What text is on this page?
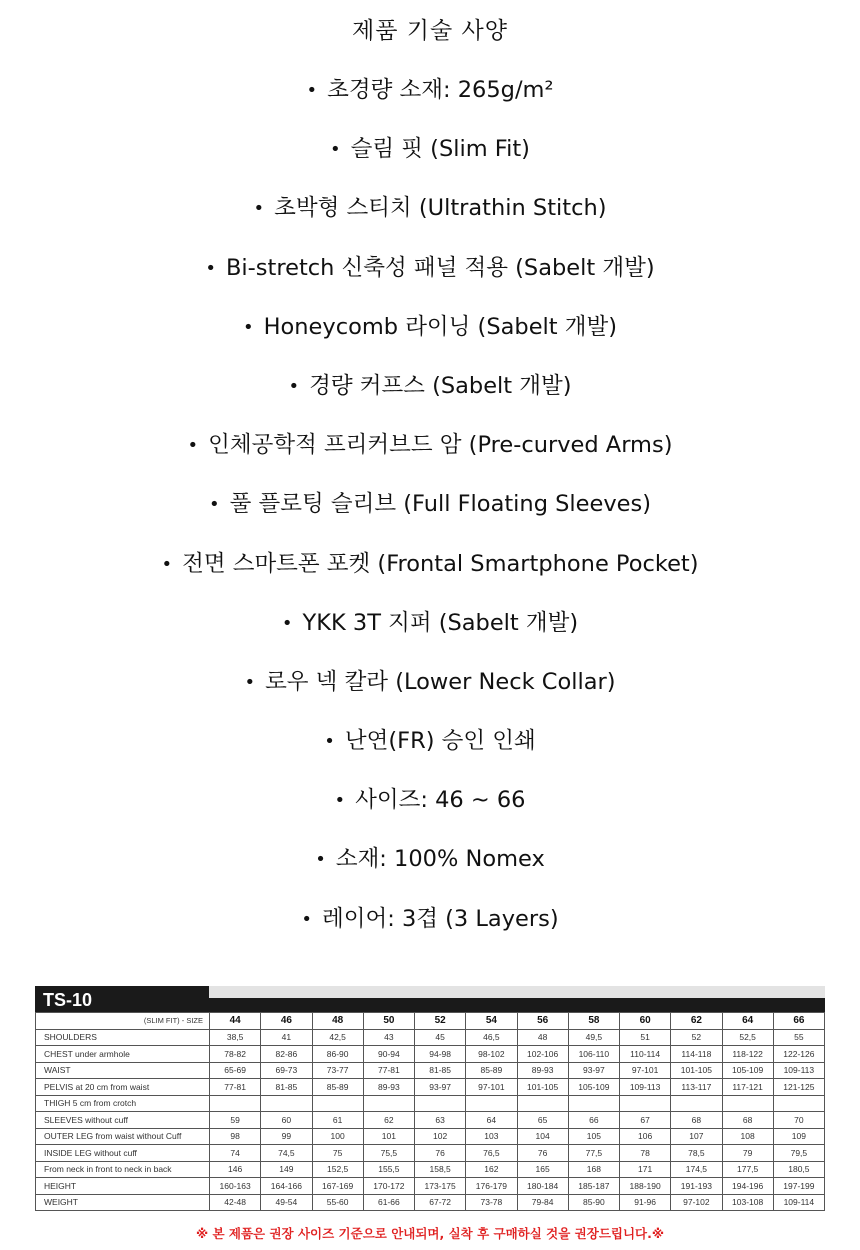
제품 기술 사양
• 초경량 소재: 265g/m²
• 슬림 핏 (Slim Fit)
• 초박형 스티치 (Ultrathin Stitch)
• Bi-stretch 신축성 패널 적용 (Sabelt 개발)
• Honeycomb 라이닝 (Sabelt 개발)
• 경량 커프스 (Sabelt 개발)
• 인체공학적 프리커브드 암 (Pre-curved Arms)
• 풀 플로팅 슬리브 (Full Floating Sleeves)
• 전면 스마트폰 포켓 (Frontal Smartphone Pocket)
• YKK 3T 지퍼 (Sabelt 개발)
• 로우 넥 칼라 (Lower Neck Collar)
• 난연(FR) 승인 인쇄
• 사이즈: 46 ~ 66
• 소재: 100% Nomex
• 레이어: 3겹 (3 Layers)
TS-10
(SLIM FIT) - SIZE	44	46	48	50	52	54	56	58	60	62	64	66
SHOULDERS	38,5	41	42,5	43	45	46,5	48	49,5	51	52	52,5	55
CHEST under armhole	78-82	82-86	86-90	90-94	94-98	98-102	102-106	106-110	110-114	114-118	118-122	122-126
WAIST	65-69	69-73	73-77	77-81	81-85	85-89	89-93	93-97	97-101	101-105	105-109	109-113
PELVIS at 20 cm from waist	77-81	81-85	85-89	89-93	93-97	97-101	101-105	105-109	109-113	113-117	117-121	121-125
THIGH 5 cm from crotch												
SLEEVES without cuff	59	60	61	62	63	64	65	66	67	68	68	70
OUTER LEG from waist without Cuff	98	99	100	101	102	103	104	105	106	107	108	109
INSIDE LEG without cuff	74	74,5	75	75,5	76	76,5	76	77,5	78	78,5	79	79,5
From neck in front to neck in back	146	149	152,5	155,5	158,5	162	165	168	171	174,5	177,5	180,5
HEIGHT	160-163	164-166	167-169	170-172	173-175	176-179	180-184	185-187	188-190	191-193	194-196	197-199
WEIGHT	42-48	49-54	55-60	61-66	67-72	73-78	79-84	85-90	91-96	97-102	103-108	109-114
※ 본 제품은 권장 사이즈 기준으로 안내되며, 실착 후 구매하실 것을 권장드립니다.※
